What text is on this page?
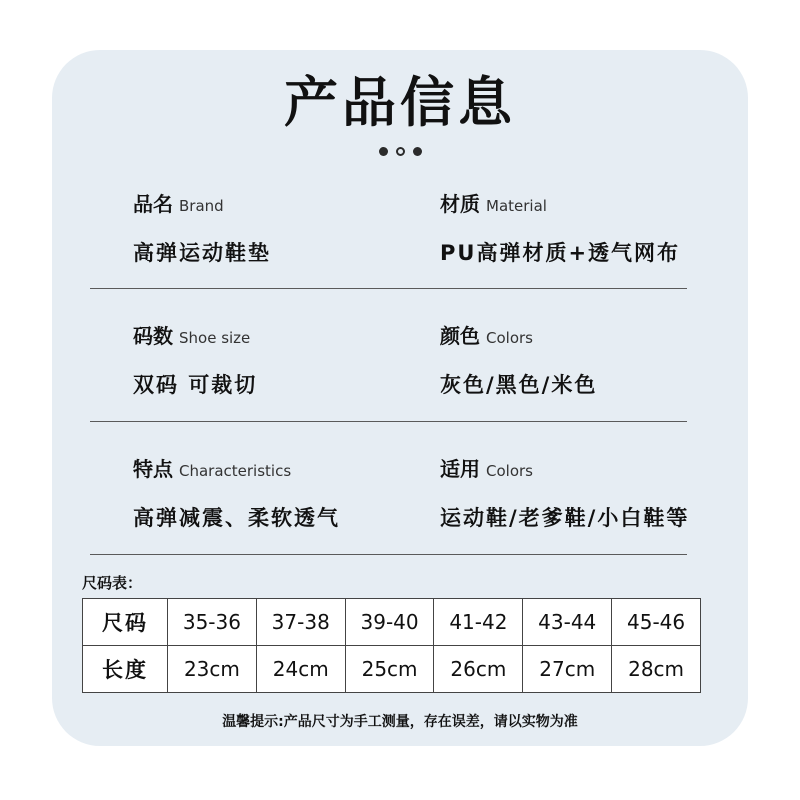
产品信息
品名 Brand
高弹运动鞋垫
材质 Material
PU高弹材质+透气网布
码数 Shoe size
双码 可裁切
颜色 Colors
灰色/黑色/米色
特点 Characteristics
高弹减震、柔软透气
适用 Colors
运动鞋/老爹鞋/小白鞋等
尺码表：
尺码	35-36	37-38	39-40	41-42	43-44	45-46
长度	23cm	24cm	25cm	26cm	27cm	28cm
温馨提示:产品尺寸为手工测量，存在误差，请以实物为准
